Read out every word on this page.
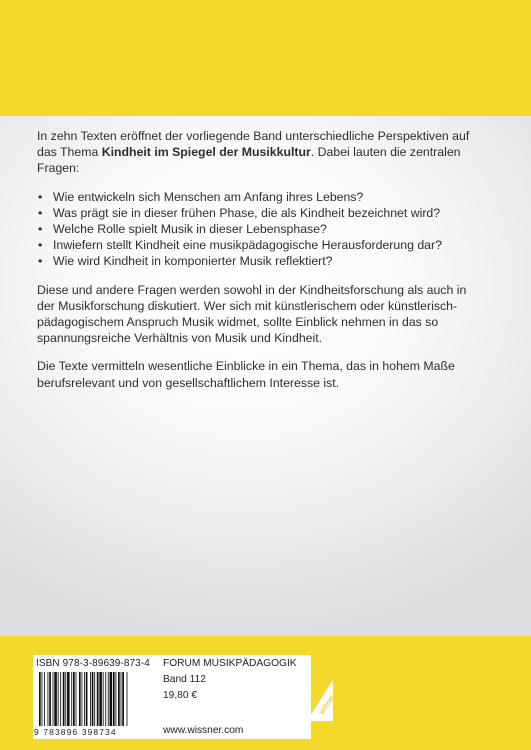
In zehn Texten eröffnet der vorliegende Band unterschiedliche Perspektiven auf das Thema Kindheit im Spiegel der Musikkultur. Dabei lauten die zentralen Fragen:

• Wie entwickeln sich Menschen am Anfang ihres Lebens?
• Was prägt sie in dieser frühen Phase, die als Kindheit bezeichnet wird?
• Welche Rolle spielt Musik in dieser Lebensphase?
• Inwiefern stellt Kindheit eine musikpädagogische Herausforderung dar?
• Wie wird Kindheit in komponierter Musik reflektiert?

Diese und andere Fragen werden sowohl in der Kindheitsforschung als auch in der Musikforschung diskutiert. Wer sich mit künstlerischem oder künstlerisch-pädagogischem Anspruch Musik widmet, sollte Einblick nehmen in das so spannungsreiche Verhältnis von Musik und Kindheit.

Die Texte vermitteln wesentliche Einblicke in ein Thema, das in hohem Maße berufsrelevant und von gesellschaftlichem Interesse ist.

ISBN 978-3-89639-873-4
9 783896 398734
FORUM MUSIKPÄDAGOGIK
Band 112
19,80 €
www.wissner.com
Wißner
